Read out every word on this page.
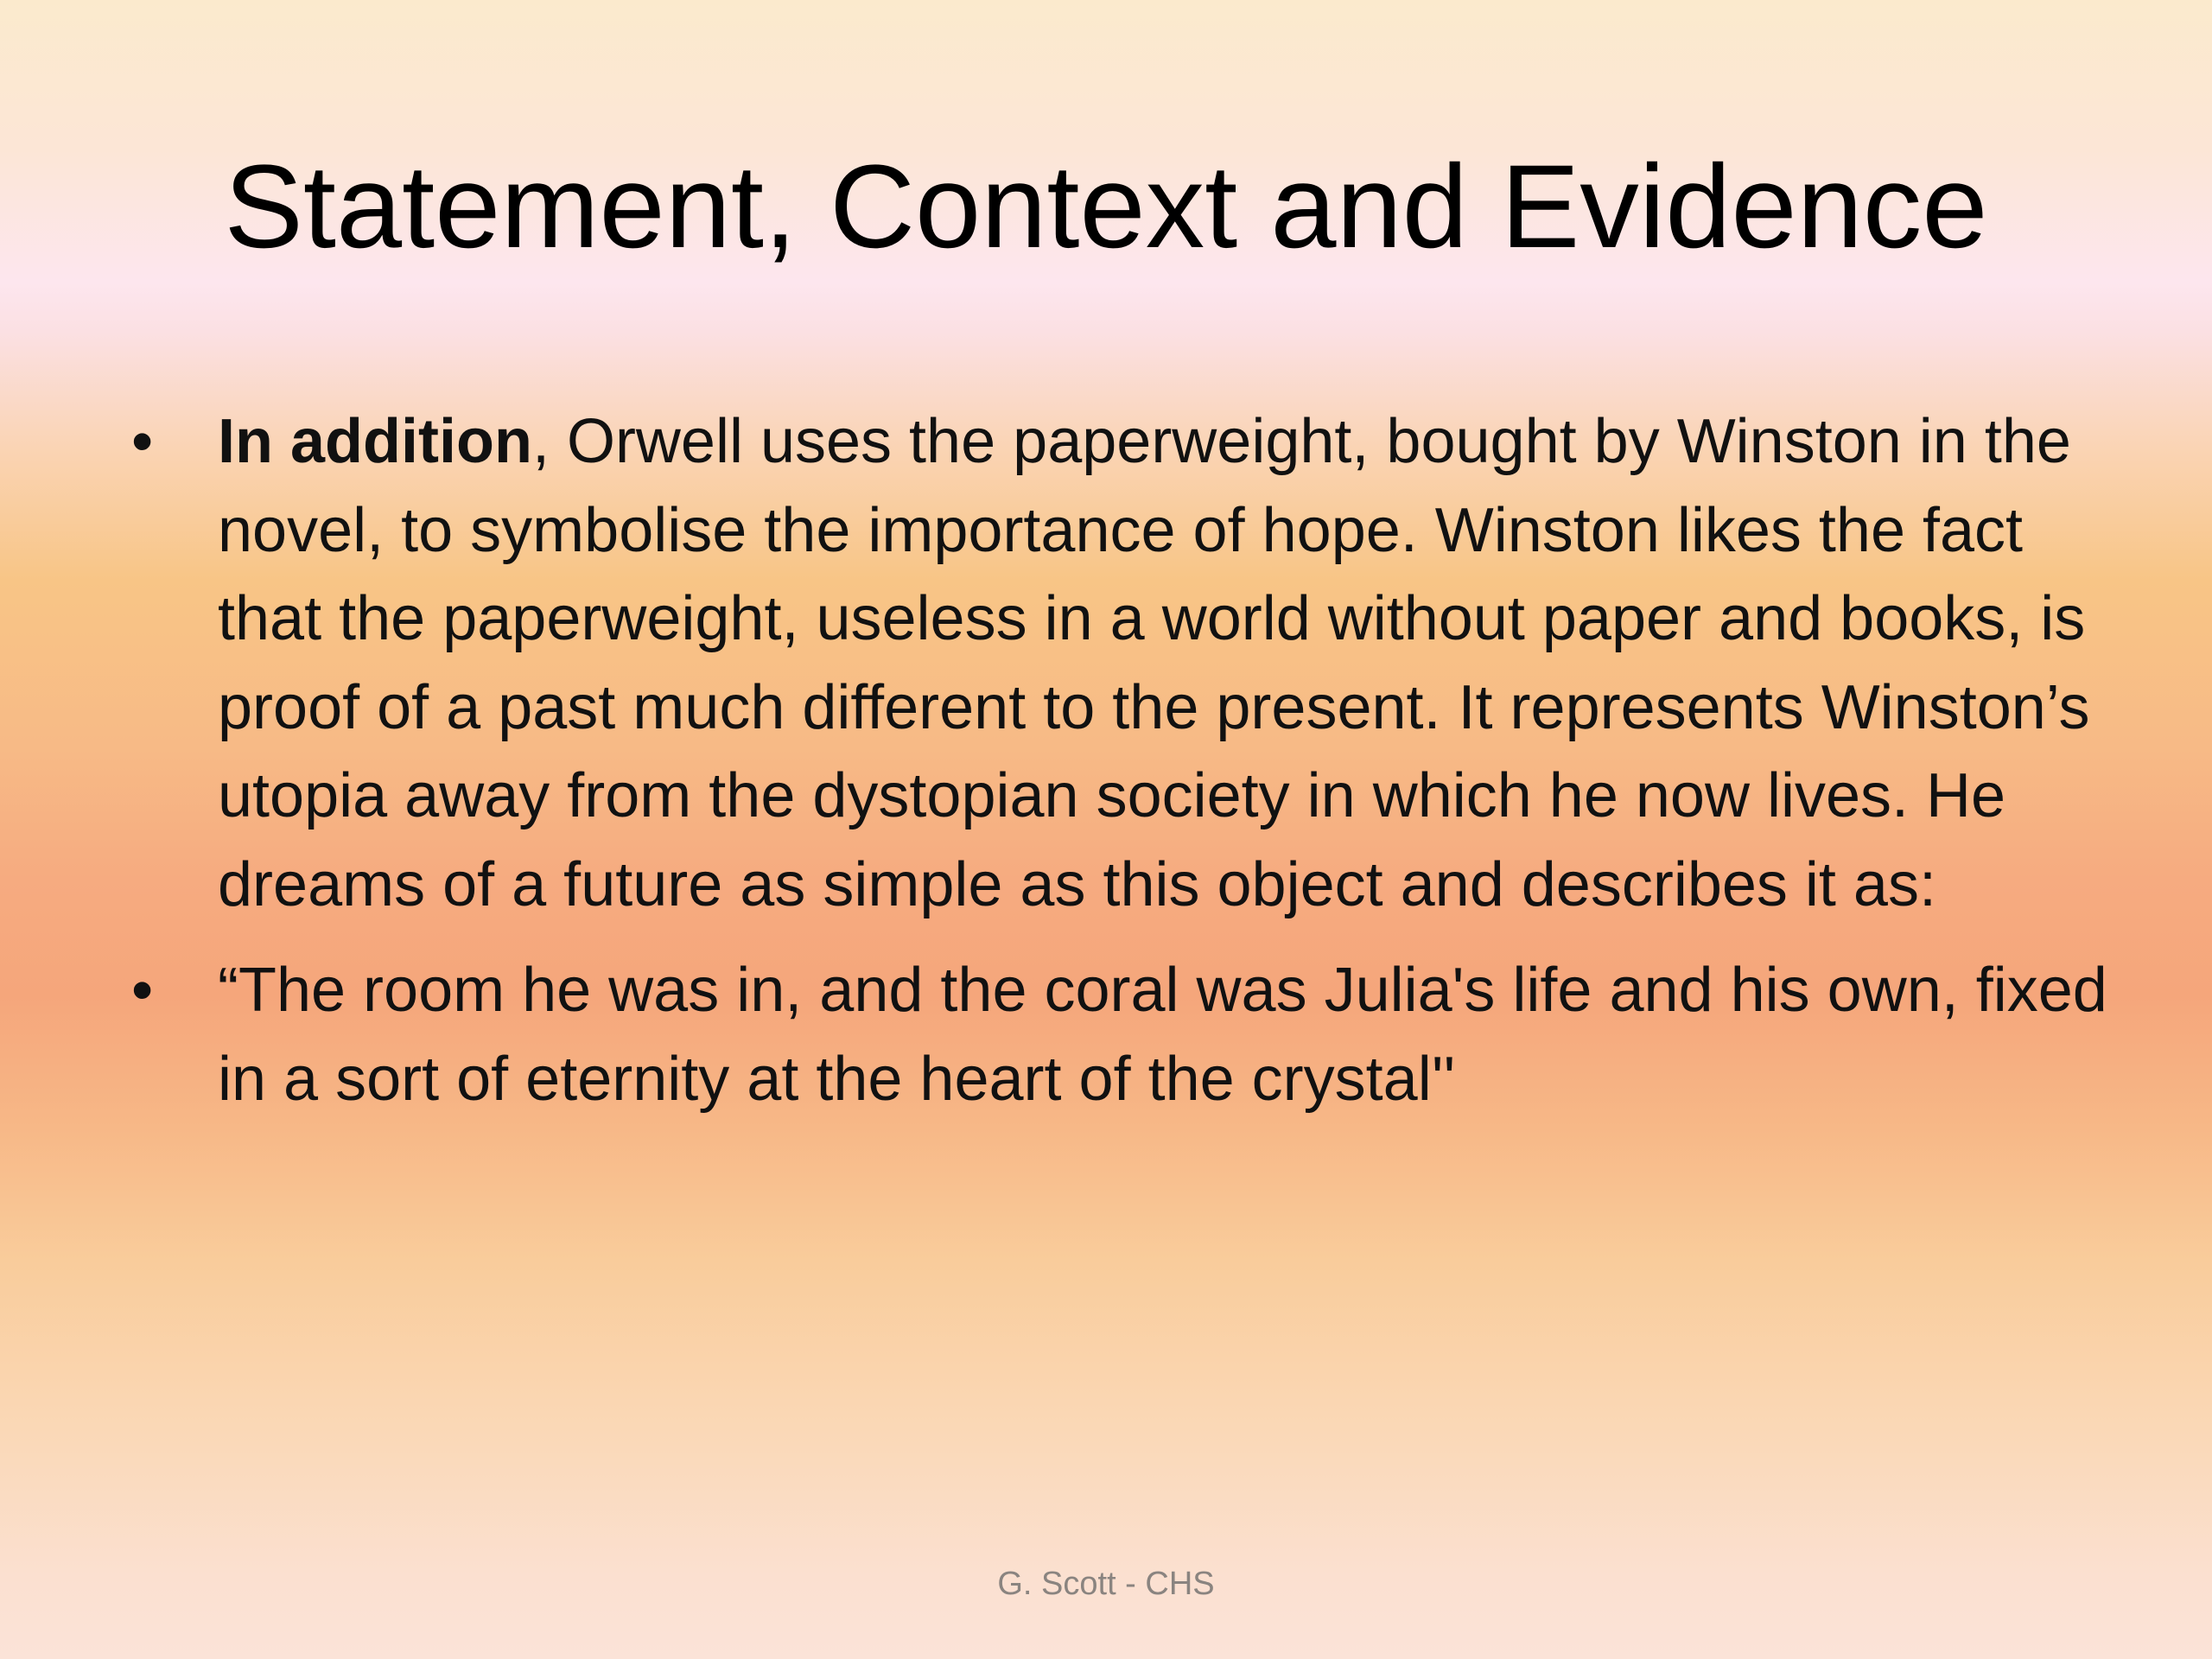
Statement, Context and Evidence
• In addition, Orwell uses the paperweight, bought by Winston in the novel, to symbolise the importance of hope. Winston likes the fact that the paperweight, useless in a world without paper and books, is proof of a past much different to the present. It represents Winston’s utopia away from the dystopian society in which he now lives. He dreams of a future as simple as this object and describes it as:
• “The room he was in, and the coral was Julia's life and his own, fixed in a sort of eternity at the heart of the crystal''
G. Scott - CHS
